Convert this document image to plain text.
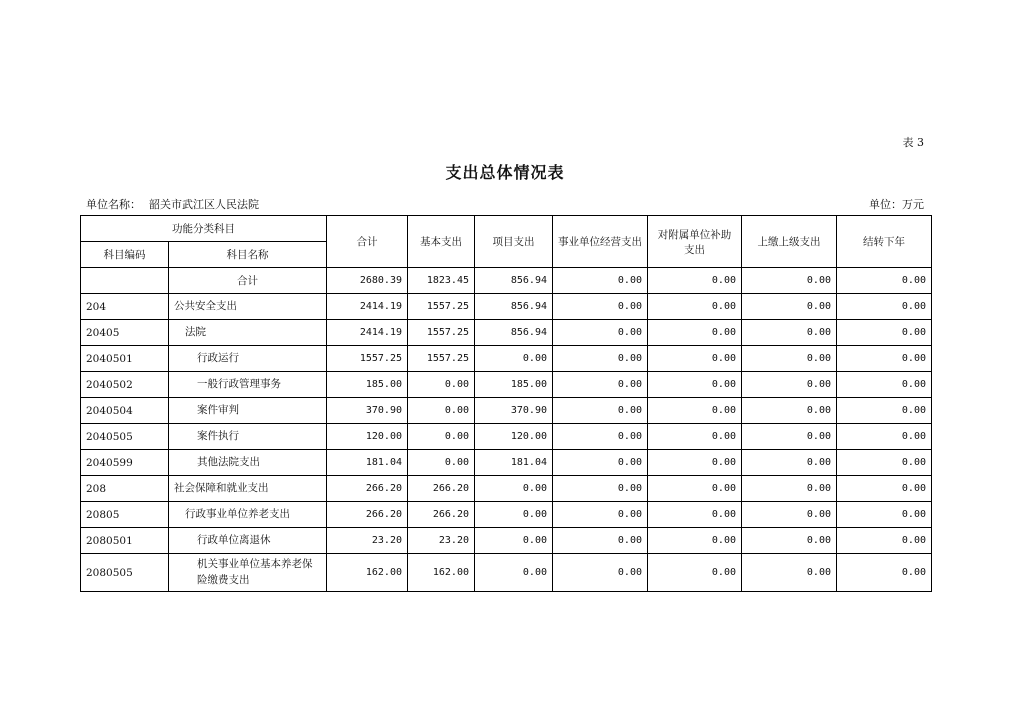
表 3
支出总体情况表
单位名称： 韶关市武江区人民法院	单位：万元
功能分类科目		合计	基本支出	项目支出	事业单位经营支出	对附属单位补助支出	上缴上级支出	结转下年
科目编码	科目名称							
	合计	2680.39	1823.45	856.94	0.00	0.00	0.00	0.00
204	公共安全支出	2414.19	1557.25	856.94	0.00	0.00	0.00	0.00
20405	法院	2414.19	1557.25	856.94	0.00	0.00	0.00	0.00
2040501	行政运行	1557.25	1557.25	0.00	0.00	0.00	0.00	0.00
2040502	一般行政管理事务	185.00	0.00	185.00	0.00	0.00	0.00	0.00
2040504	案件审判	370.90	0.00	370.90	0.00	0.00	0.00	0.00
2040505	案件执行	120.00	0.00	120.00	0.00	0.00	0.00	0.00
2040599	其他法院支出	181.04	0.00	181.04	0.00	0.00	0.00	0.00
208	社会保障和就业支出	266.20	266.20	0.00	0.00	0.00	0.00	0.00
20805	行政事业单位养老支出	266.20	266.20	0.00	0.00	0.00	0.00	0.00
2080501	行政单位离退休	23.20	23.20	0.00	0.00	0.00	0.00	0.00
2080505	机关事业单位基本养老保险缴费支出	162.00	162.00	0.00	0.00	0.00	0.00	0.00
